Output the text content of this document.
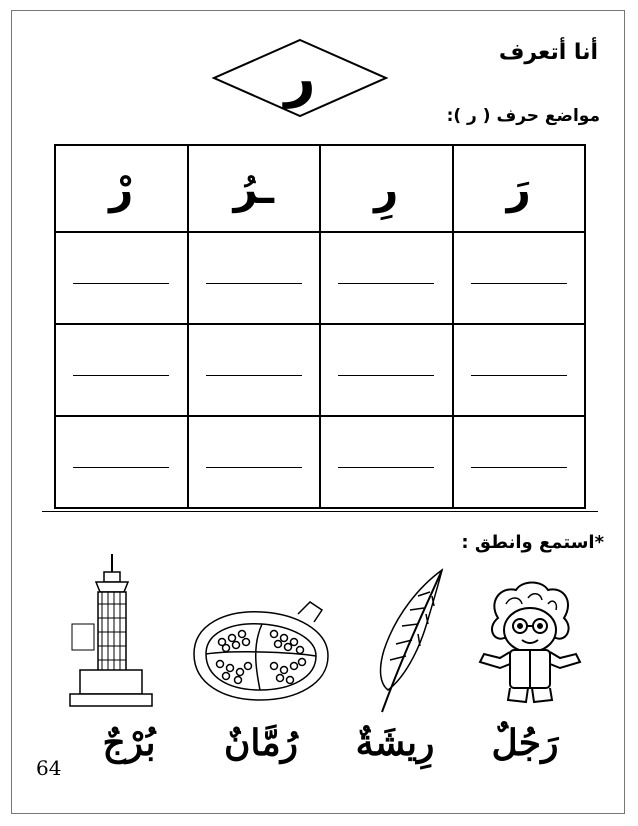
أنا أتعرف
ر
مواضع حرف ( ر ):
رَ	رِ	ـرُ	رْ

*استمع وانطق :
رَجُلٌ
رِيشَةٌ
رُمَّانٌ
بُرْجٌ
64
